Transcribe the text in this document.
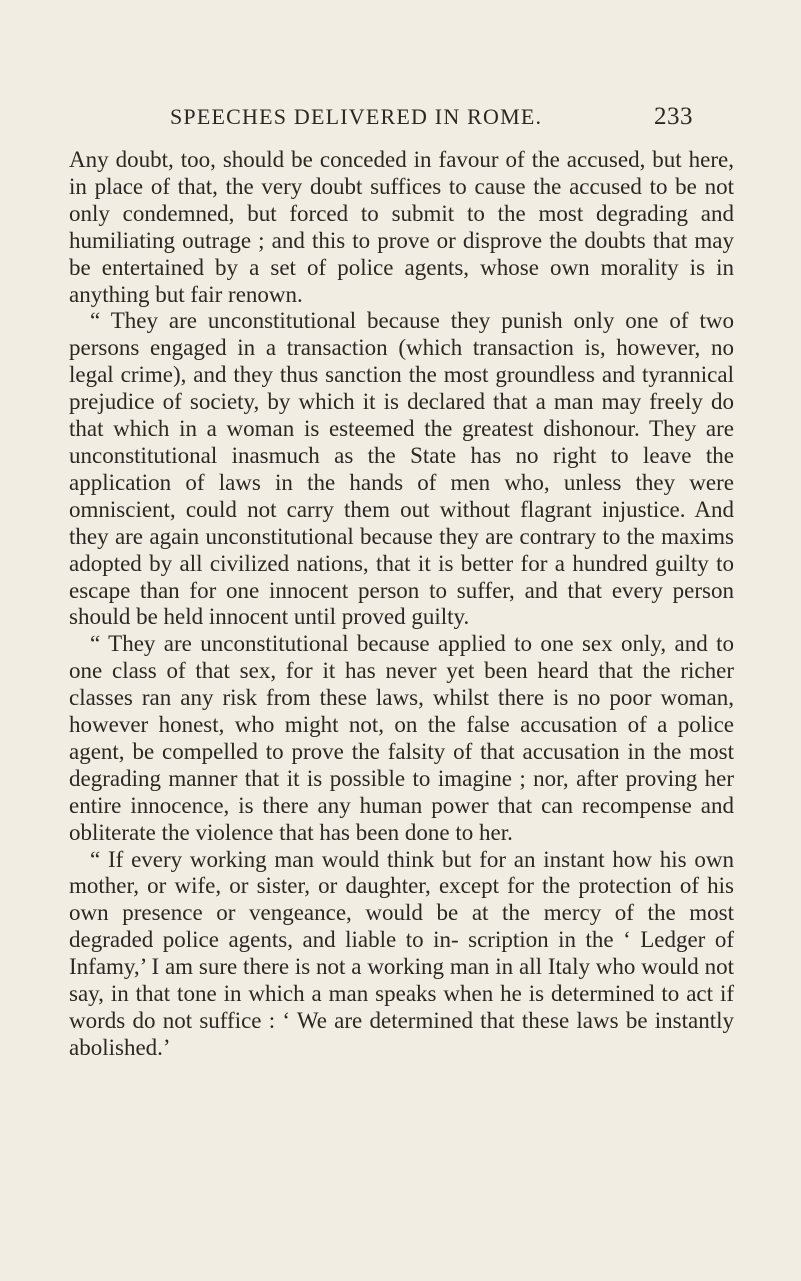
SPEECHES DELIVERED IN ROME.	233

Any doubt, too, should be conceded in favour of the accused, but here, in place of that, the very doubt suffices to cause the accused to be not only condemned, but forced to submit to the most degrading and humiliating outrage ; and this to prove or disprove the doubts that may be entertained by a set of police agents, whose own morality is in anything but fair renown.

“ They are unconstitutional because they punish only one of two persons engaged in a transaction (which transaction is, however, no legal crime), and they thus sanction the most groundless and tyrannical prejudice of society, by which it is declared that a man may freely do that which in a woman is esteemed the greatest dishonour. They are unconstitutional inasmuch as the State has no right to leave the application of laws in the hands of men who, unless they were omniscient, could not carry them out without flagrant injustice. And they are again unconstitutional because they are contrary to the maxims adopted by all civilized nations, that it is better for a hundred guilty to escape than for one innocent person to suffer, and that every person should be held innocent until proved guilty.

“ They are unconstitutional because applied to one sex only, and to one class of that sex, for it has never yet been heard that the richer classes ran any risk from these laws, whilst there is no poor woman, however honest, who might not, on the false accusation of a police agent, be compelled to prove the falsity of that accusation in the most degrading manner that it is possible to imagine ; nor, after proving her entire innocence, is there any human power that can recompense and obliterate the violence that has been done to her.

“ If every working man would think but for an instant how his own mother, or wife, or sister, or daughter, except for the protection of his own presence or vengeance, would be at the mercy of the most degraded police agents, and liable to in- scription in the ‘ Ledger of Infamy,’ I am sure there is not a working man in all Italy who would not say, in that tone in which a man speaks when he is determined to act if words do not suffice : ‘ We are determined that these laws be instantly abolished.’
